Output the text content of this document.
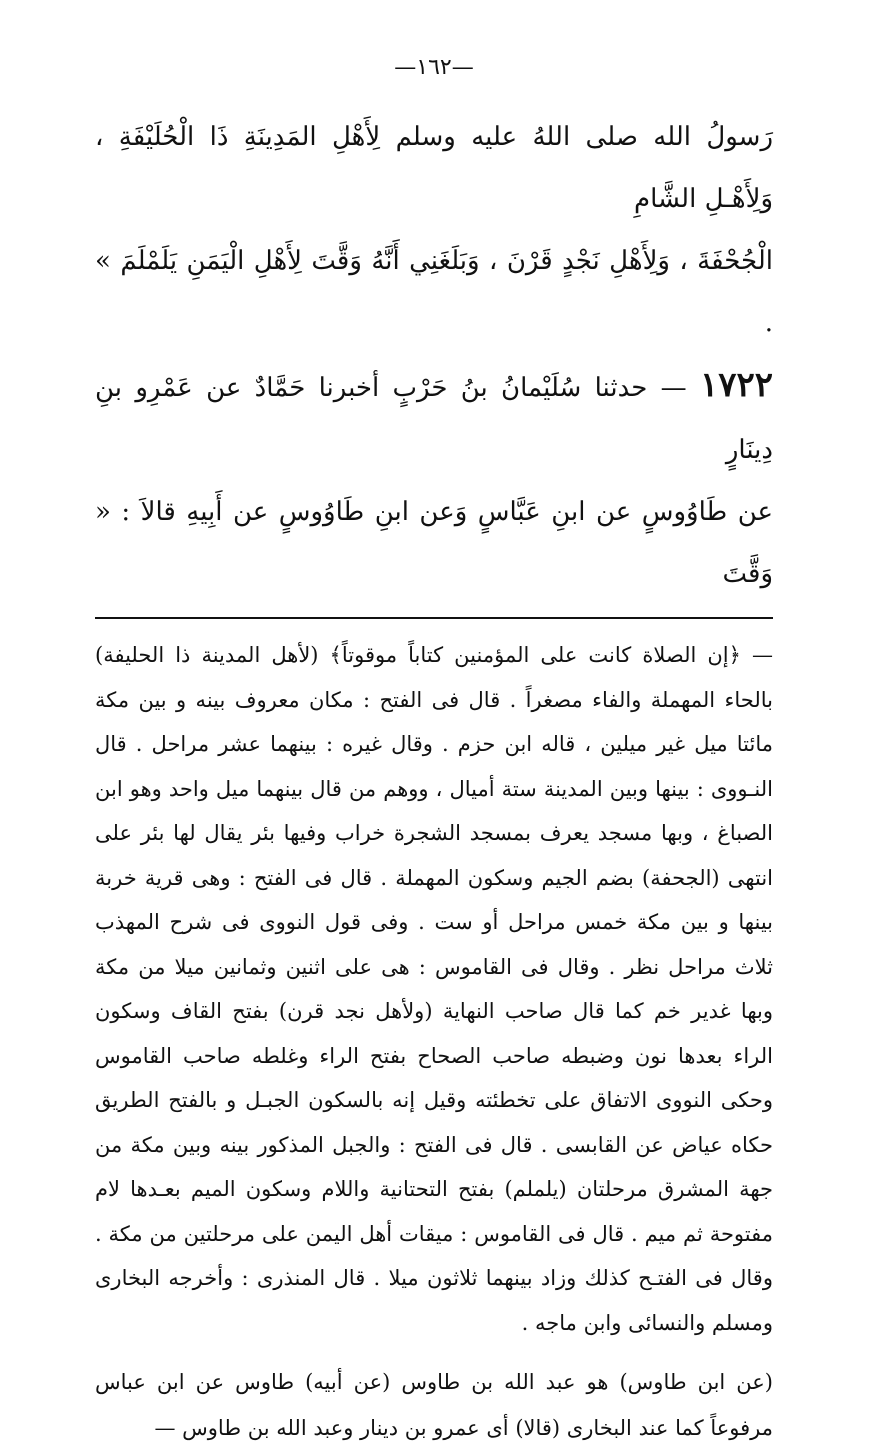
—١٦٢—

رَسولُ الله صلى اللهُ عليه وسلم لِأَهْلِ المَدِينَةِ ذَا الْحُلَيْفَةِ ، وَلِأَهْـلِ الشَّامِ

الْجُحْفَةَ ، وَلِأَهْلِ نَجْدٍ قَرْنَ ، وَبَلَغَنِي أَنَّهُ وَقَّتَ لِأَهْلِ الْيَمَنِ يَلَمْلَمَ » .

١٧٢٢ — حدثنا سُلَيْمانُ بنُ حَرْبٍ أخبرنا حَمَّادٌ عن عَمْرِو بنِ دِينَارٍ

عن طَاوُوسٍ عن ابنِ عَبَّاسٍ وَعن ابنِ طَاوُوسٍ عن أَبِيهِ قالاَ : « وَقَّتَ

— ﴿إن الصلاة كانت على المؤمنين كتاباً موقوتاً﴾ (لأهل المدينة ذا الحليفة) بالحاء المهملة والفاء مصغراً . قال فى الفتح : مكان معروف بينه و بين مكة مائتا ميل غير ميلين ، قاله ابن حزم . وقال غيره : بينهما عشر مراحل . قال النـووى : بينها وبين المدينة ستة أميال ، ووهم من قال بينهما ميل واحد وهو ابن الصباغ ، وبها مسجد يعرف بمسجد الشجرة خراب وفيها بئر يقال لها بئر على انتهى (الجحفة) بضم الجيم وسكون المهملة . قال فى الفتح : وهى قرية خربة بينها و بين مكة خمس مراحل أو ست . وفى قول النووى فى شرح المهذب ثلاث مراحل نظر . وقال فى القاموس : هى على اثنين وثمانين ميلا من مكة وبها غدير خم كما قال صاحب النهاية (ولأهل نجد قرن) بفتح القاف وسكون الراء بعدها نون وضبطه صاحب الصحاح بفتح الراء وغلطه صاحب القاموس وحكى النووى الاتفاق على تخطئته وقيل إنه بالسكون الجبـل و بالفتح الطريق حكاه عياض عن القابسى . قال فى الفتح : والجبل المذكور بينه وبين مكة من جهة المشرق مرحلتان (يلملم) بفتح التحتانية واللام وسكون الميم بعـدها لام مفتوحة ثم ميم . قال فى القاموس : ميقات أهل اليمن على مرحلتين من مكة . وقال فى الفتـح كذلك وزاد بينهما ثلاثون ميلا . قال المنذرى : وأخرجه البخارى ومسلم والنسائى وابن ماجه .

(عن ابن طاوس) هو عبد الله بن طاوس (عن أبيه) طاوس عن ابن عباس مرفوعاً كما عند البخارى (قالا) أى عمرو بن دينار وعبد الله بن طاوس —
